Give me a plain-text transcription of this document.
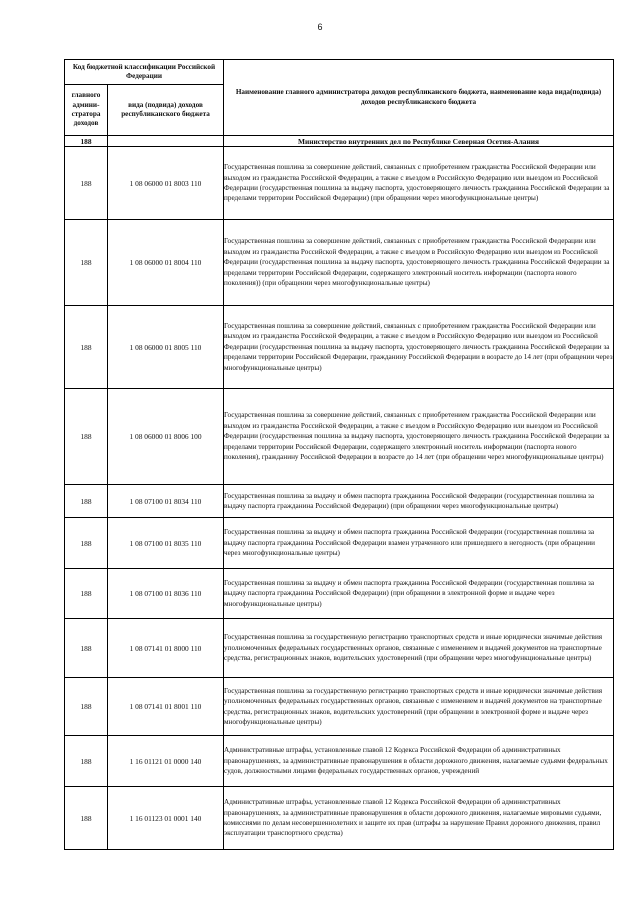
6
Код бюджетной классификации Российской Федерации		Наименование главного администратора доходов республиканского бюджета, наименование кода вида(подвида) доходов республиканского бюджета
главного админи-стратора доходов	вида (подвида) доходов республиканского бюджета	
188		Министерство внутренних дел по Республике Северная Осетия-Алания
188	1 08 06000 01 8003 110	Государственная пошлина за совершение действий, связанных с приобретением гражданства Российской Федерации или выходом из гражданства Российской Федерации, а также с въездом в Российскую Федерацию или выездом из Российской Федерации (государственная пошлина за выдачу паспорта, удостоверяющего личность гражданина Российской Федерации за пределами территории Российской Федерации) (при обращении через многофункциональные центры)
188	1 08 06000 01 8004 110	Государственная пошлина за совершение действий, связанных с приобретением гражданства Российской Федерации или выходом из гражданства Российской Федерации, а также с въездом в Российскую Федерацию или выездом из Российской Федерации (государственная пошлина за выдачу паспорта, удостоверяющего личность гражданина Российской Федерации за пределами территории Российской Федерации, содержащего электронный носитель информации (паспорта нового поколения)) (при обращении через многофункциональные центры)
188	1 08 06000 01 8005 110	Государственная пошлина за совершение действий, связанных с приобретением гражданства Российской Федерации или выходом из гражданства Российской Федерации, а также с въездом в Российскую Федерацию или выездом из Российской Федерации (государственная пошлина за выдачу паспорта, удостоверяющего личность гражданина Российской Федерации за пределами территории Российской Федерации, гражданину Российской Федерации в возрасте до 14 лет (при обращении через многофункциональные центры)
188	1 08 06000 01 8006 100	Государственная пошлина за совершение действий, связанных с приобретением гражданства Российской Федерации или выходом из гражданства Российской Федерации, а также с въездом в Российскую Федерацию или выездом из Российской Федерации (государственная пошлина за выдачу паспорта, удостоверяющего личность гражданина Российской Федерации за пределами территории Российской Федерации, содержащего электронный носитель информации (паспорта нового поколения), гражданину Российской Федерации в возрасте до 14 лет (при обращении через многофункциональные центры)
188	1 08 07100 01 8034 110	Государственная пошлина за выдачу и обмен паспорта гражданина Российской Федерации (государственная пошлина за выдачу паспорта гражданина Российской Федерации) (при обращении через многофункциональные центры)
188	1 08 07100 01 8035 110	Государственная пошлина за выдачу и обмен паспорта гражданина Российской Федерации (государственная пошлина за выдачу паспорта гражданина Российской Федерации взамен утраченного или пришедшего в негодность (при обращении через многофункциональные центры)
188	1 08 07100 01 8036 110	Государственная пошлина за выдачу и обмен паспорта гражданина Российской Федерации (государственная пошлина за выдачу паспорта гражданина Российской Федерации) (при обращении в электронной форме и выдаче через многофункциональные центры)
188	1 08 07141 01 8000 110	Государственная пошлина за государственную регистрацию транспортных средств и иные юридически значимые действия уполномоченных федеральных государственных органов, связанные с изменением и выдачей документов на транспортные средства, регистрационных знаков, водительских удостоверений (при обращении через многофункциональные центры)
188	1 08 07141 01 8001 110	Государственная пошлина за государственную регистрацию транспортных средств и иные юридически значимые действия уполномоченных федеральных государственных органов, связанные с изменением и выдачей документов на транспортные средства, регистрационных знаков, водительских удостоверений (при обращении в электронной форме и выдаче через многофункциональные центры)
188	1 16 01121 01 0000 140	Административные штрафы, установленные главой 12 Кодекса Российской Федерации об административных правонарушениях, за административные правонарушения в области дорожного движения, налагаемые судьями федеральных судов, должностными лицами федеральных государственных органов, учреждений
188	1 16 01123 01 0001 140	Административные штрафы, установленные главой 12 Кодекса Российской Федерации об административных правонарушениях, за административные правонарушения в области дорожного движения, налагаемые мировыми судьями, комиссиями по делам несовершеннолетних и защите их прав (штрафы за нарушение Правил дорожного движения, правил эксплуатации транспортного средства)
